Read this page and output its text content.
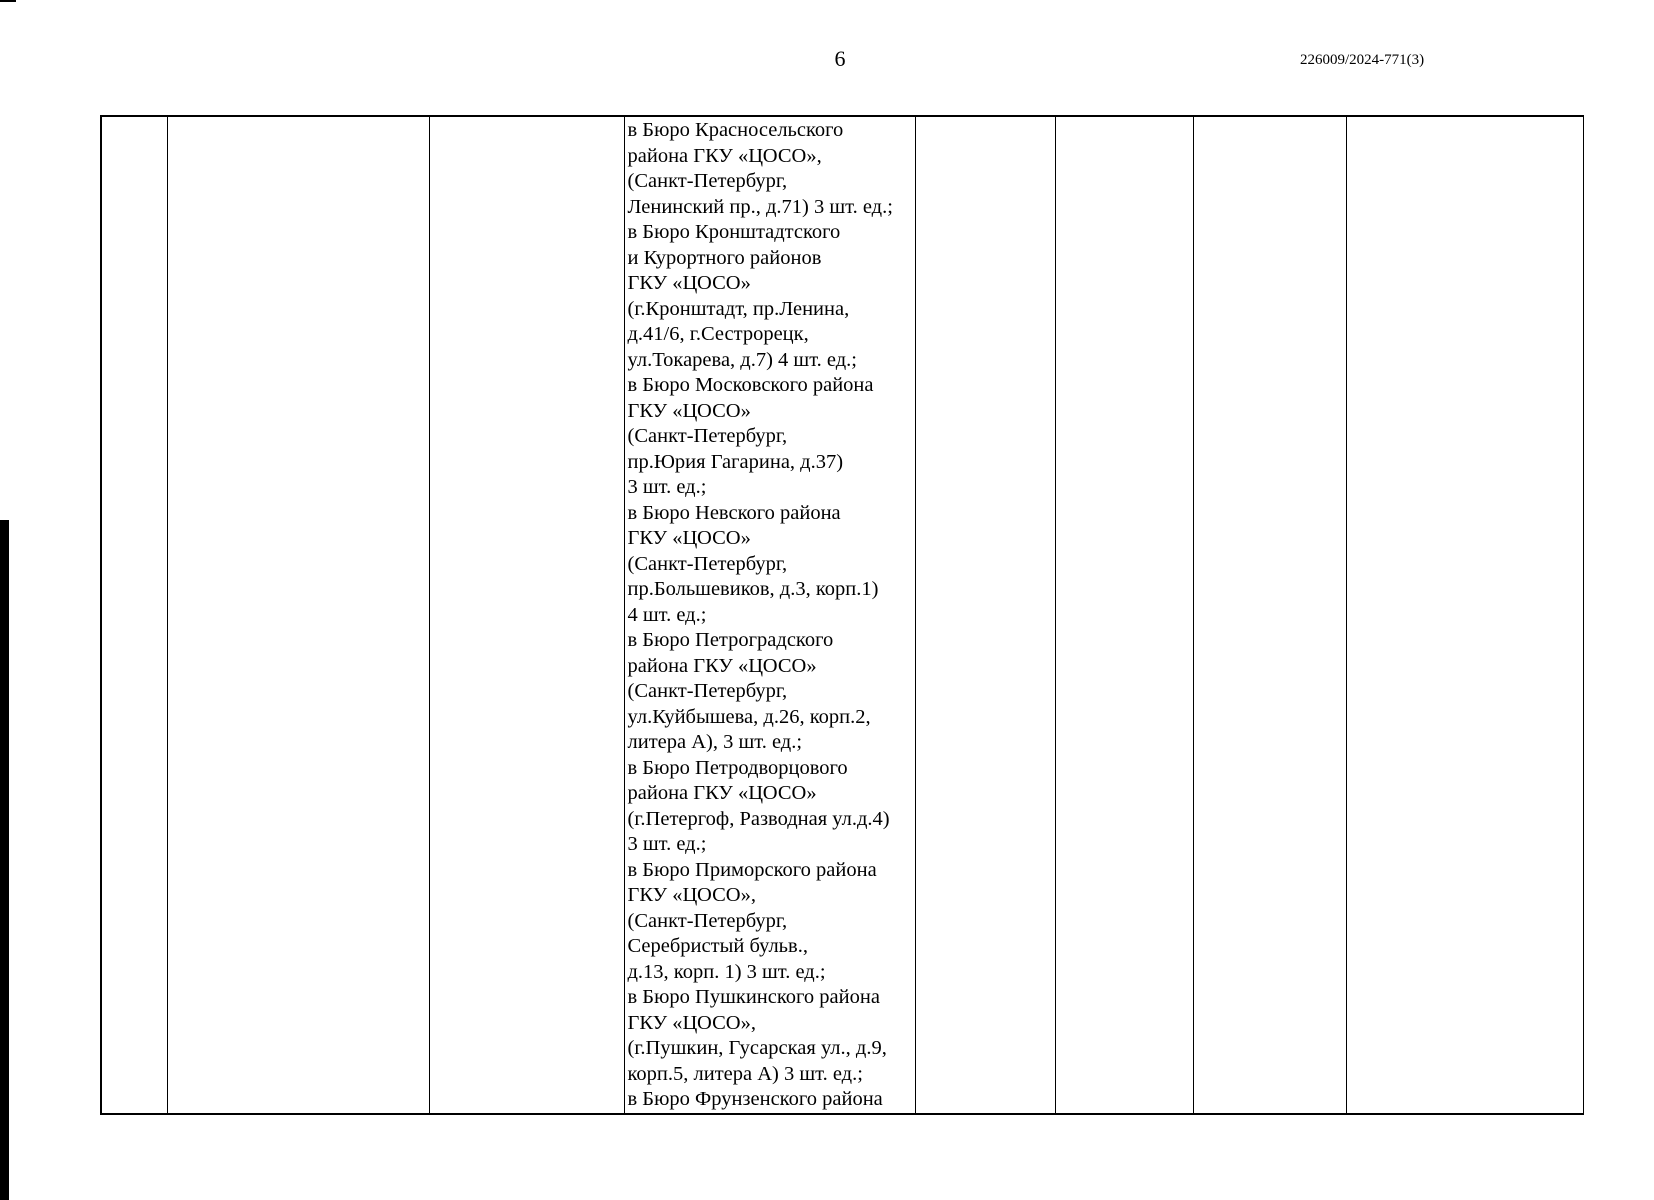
6	226009/2024-771(3)

в Бюро Красносельского
района ГКУ «ЦОСО»,
(Санкт-Петербург,
Ленинский пр., д.71) 3 шт. ед.;
в Бюро Кронштадтского
и Курортного районов
ГКУ «ЦОСО»
(г.Кронштадт, пр.Ленина,
д.41/6, г.Сестрорецк,
ул.Токарева, д.7) 4 шт. ед.;
в Бюро Московского района
ГКУ «ЦОСО»
(Санкт-Петербург,
пр.Юрия Гагарина, д.37)
3 шт. ед.;
в Бюро Невского района
ГКУ «ЦОСО»
(Санкт-Петербург,
пр.Большевиков, д.3, корп.1)
4 шт. ед.;
в Бюро Петроградского
района ГКУ «ЦОСО»
(Санкт-Петербург,
ул.Куйбышева, д.26, корп.2,
литера А), 3 шт. ед.;
в Бюро Петродворцового
района ГКУ «ЦОСО»
(г.Петергоф, Разводная ул.д.4)
3 шт. ед.;
в Бюро Приморского района
ГКУ «ЦОСО»,
(Санкт-Петербург,
Серебристый бульв.,
д.13, корп. 1) 3 шт. ед.;
в Бюро Пушкинского района
ГКУ «ЦОСО»,
(г.Пушкин, Гусарская ул., д.9,
корп.5, литера А) 3 шт. ед.;
в Бюро Фрунзенского района
